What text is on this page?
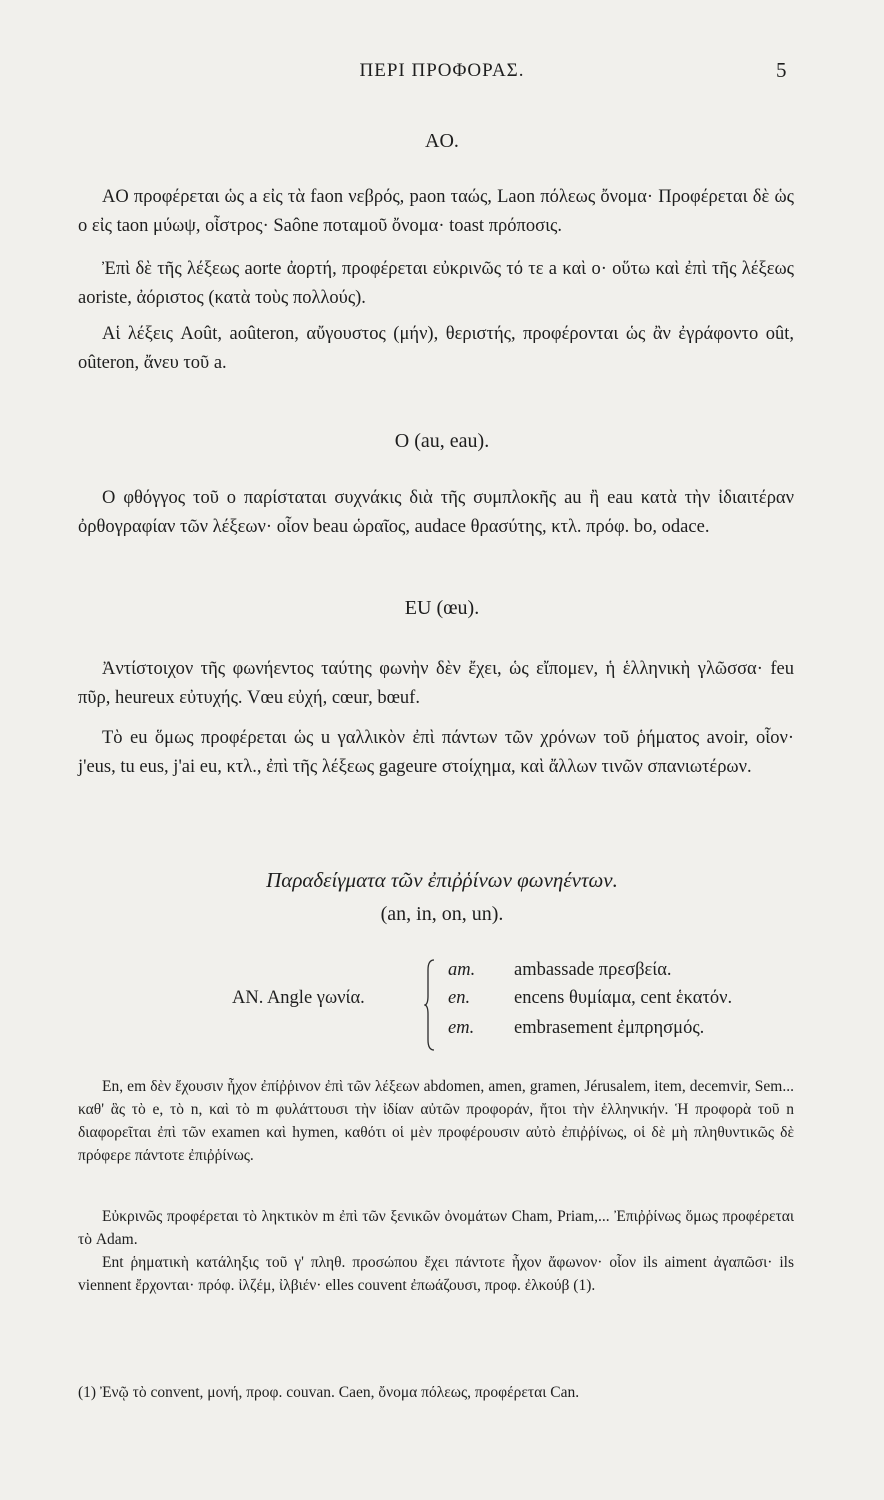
ΠΕΡΙ ΠΡΟΦΟΡΑΣ.	5
AO.

AO προφέρεται ὡς a εἰς τὰ faon νεβρός, paon ταώς, Laon πόλεως ὄνομα· Προφέρεται δὲ ὡς o εἰς taon μύωψ, οἶστρος· Saône ποταμοῦ ὄνομα· toast πρόποσις.

Ἐπὶ δὲ τῆς λέξεως aorte ἀορτή, προφέρεται εὐκρινῶς τό τε a καὶ o· οὕτω καὶ ἐπὶ τῆς λέξεως aoriste, ἀόριστος (κατὰ τοὺς πολλούς).

Αἱ λέξεις Août, aoûteron, αὔγουστος (μήν), θεριστής, προφέρονται ὡς ἂν ἐγράφοντο oût, oûteron, ἄνευ τοῦ a.

O (au, eau).

O φθόγγος τοῦ o παρίσταται συχνάκις διὰ τῆς συμπλοκῆς au ἢ eau κατὰ τὴν ἰδιαιτέραν ὀρθογραφίαν τῶν λέξεων· οἷον beau ὡραῖος, audace θρασύτης, κτλ. πρόφ. bo, odace.

EU (œu).

Ἀντίστοιχον τῆς φωνήεντος ταύτης φωνὴν δὲν ἔχει, ὡς εἴπομεν, ἡ ἑλληνικὴ γλῶσσα· feu πῦρ, heureux εὐτυχής. Vœu εὐχή, cœur, bœuf.

Τὸ eu ὅμως προφέρεται ὡς u γαλλικὸν ἐπὶ πάντων τῶν χρόνων τοῦ ῥήματος avoir, οἷον· j'eus, tu eus, j'ai eu, κτλ., ἐπὶ τῆς λέξεως gageure στοίχημα, καὶ ἄλλων τινῶν σπανιωτέρων.

Παραδείγματα τῶν ἐπιῤῥίνων φωνηέντων.
(an, in, on, un).
AN. Angle γωνία.
am. ambassade πρεσβεία.
en. encens θυμίαμα, cent ἑκατόν.
em. embrasement ἐμπρησμός.

En, em δὲν ἔχουσιν ἦχον ἐπίῤῥινον ἐπὶ τῶν λέξεων abdomen, amen, gramen, Jérusalem, item, decemvir, Sem... καθ' ἃς τὸ e, τὸ n, καὶ τὸ m φυλάττουσι τὴν ἰδίαν αὐτῶν προφοράν, ἤτοι τὴν ἑλληνικήν. Ἡ προφορὰ τοῦ n διαφορεῖται ἐπὶ τῶν examen καὶ hymen, καθότι οἱ μὲν προφέρουσιν αὐτὸ ἐπιῤῥίνως, οἱ δὲ μὴ πληθυντικῶς δὲ πρόφερε πάντοτε ἐπιῤῥίνως.

Εὐκρινῶς προφέρεται τὸ ληκτικὸν m ἐπὶ τῶν ξενικῶν ὀνομάτων Cham, Priam,... Ἐπιῤῥίνως ὅμως προφέρεται τὸ Adam.

Ent ῥηματικὴ κατάληξις τοῦ γ' πληθ. προσώπου ἔχει πάντοτε ἦχον ἄφωνον· οἷον ils aiment ἀγαπῶσι· ils viennent ἔρχονται· πρόφ. ἰλζέμ, ἰλβιέν· elles couvent ἐπωάζουσι, προφ. ἐλκούβ (1).

(1) Ἐνῷ τὸ convent, μονή, προφ. couvan. Caen, ὄνομα πόλεως, προφέρεται Can.
